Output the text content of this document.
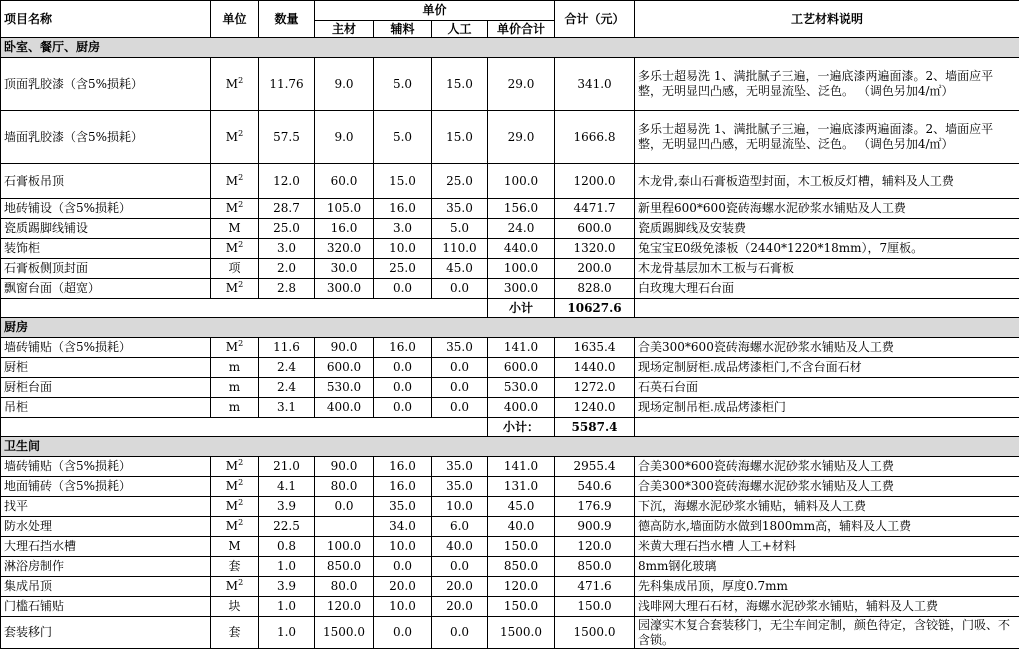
项目名称	单位	数量	单价				合计（元）	工艺材料说明
			主材	辅料	人工	单价合计		
卧室、餐厅、厨房								
顶面乳胶漆（含5%损耗）	$M^2$	11.76	9.0	5.0	15.0	29.0	341.0	多乐士超易洗 1、满批腻子三遍，一遍底漆两遍面漆。2、墙面应平整，无明显凹凸感，无明显流坠、泛色。 （调色另加4/㎡）
墙面乳胶漆（含5%损耗）	$M^2$	57.5	9.0	5.0	15.0	29.0	1666.8	多乐士超易洗 1、满批腻子三遍，一遍底漆两遍面漆。2、墙面应平整，无明显凹凸感，无明显流坠、泛色。 （调色另加4/㎡）
石膏板吊顶	$M^2$	12.0	60.0	15.0	25.0	100.0	1200.0	木龙骨,泰山石膏板造型封面，木工板反灯槽，辅料及人工费
地砖铺设（含5%损耗）	$M^2$	28.7	105.0	16.0	35.0	156.0	4471.7	新里程600*600瓷砖海螺水泥砂浆水铺贴及人工费
瓷质踢脚线铺设	M	25.0	16.0	3.0	5.0	24.0	600.0	瓷质踢脚线及安装费
装饰柜	$M^2$	3.0	320.0	10.0	110.0	440.0	1320.0	兔宝宝E0级免漆板（2440*1220*18mm），7厘板。
石膏板侧顶封面	项	2.0	30.0	25.0	45.0	100.0	200.0	木龙骨基层加木工板与石膏板
飘窗台面（超宽）	$M^2$	2.8	300.0	0.0	0.0	300.0	828.0	白玫瑰大理石台面
						小计	10627.6	
厨房								
墙砖铺贴（含5%损耗）	$M^2$	11.6	90.0	16.0	35.0	141.0	1635.4	合美300*600瓷砖海螺水泥砂浆水铺贴及人工费
厨柜	m	2.4	600.0	0.0	0.0	600.0	1440.0	现场定制厨柜.成品烤漆柜门,不含台面石材
厨柜台面	m	2.4	530.0	0.0	0.0	530.0	1272.0	石英石台面
吊柜	m	3.1	400.0	0.0	0.0	400.0	1240.0	现场定制吊柜.成品烤漆柜门
						小计：	5587.4	
卫生间								
墙砖铺贴（含5%损耗）	$M^2$	21.0	90.0	16.0	35.0	141.0	2955.4	合美300*600瓷砖海螺水泥砂浆水铺贴及人工费
地面铺砖（含5%损耗）	$M^2$	4.1	80.0	16.0	35.0	131.0	540.6	合美300*300瓷砖海螺水泥砂浆水铺贴及人工费
找平	$M^2$	3.9	0.0	35.0	10.0	45.0	176.9	下沉，海螺水泥砂浆水铺贴，辅料及人工费
防水处理	$M^2$	22.5		34.0	6.0	40.0	900.9	德高防水,墙面防水做到1800mm高，辅料及人工费
大理石挡水槽	M	0.8	100.0	10.0	40.0	150.0	120.0	米黄大理石挡水槽 人工+材料
淋浴房制作	套	1.0	850.0	0.0	0.0	850.0	850.0	8mm钢化玻璃
集成吊顶	$M^2$	3.9	80.0	20.0	20.0	120.0	471.6	先科集成吊顶，厚度0.7mm
门槛石铺贴	块	1.0	120.0	10.0	20.0	150.0	150.0	浅啡网大理石石材，海螺水泥砂浆水铺贴，辅料及人工费
套装移门	套	1.0	1500.0	0.0	0.0	1500.0	1500.0	园濠实木复合套装移门，无尘车间定制，颜色待定，含铰链，门吸、不含锁。
